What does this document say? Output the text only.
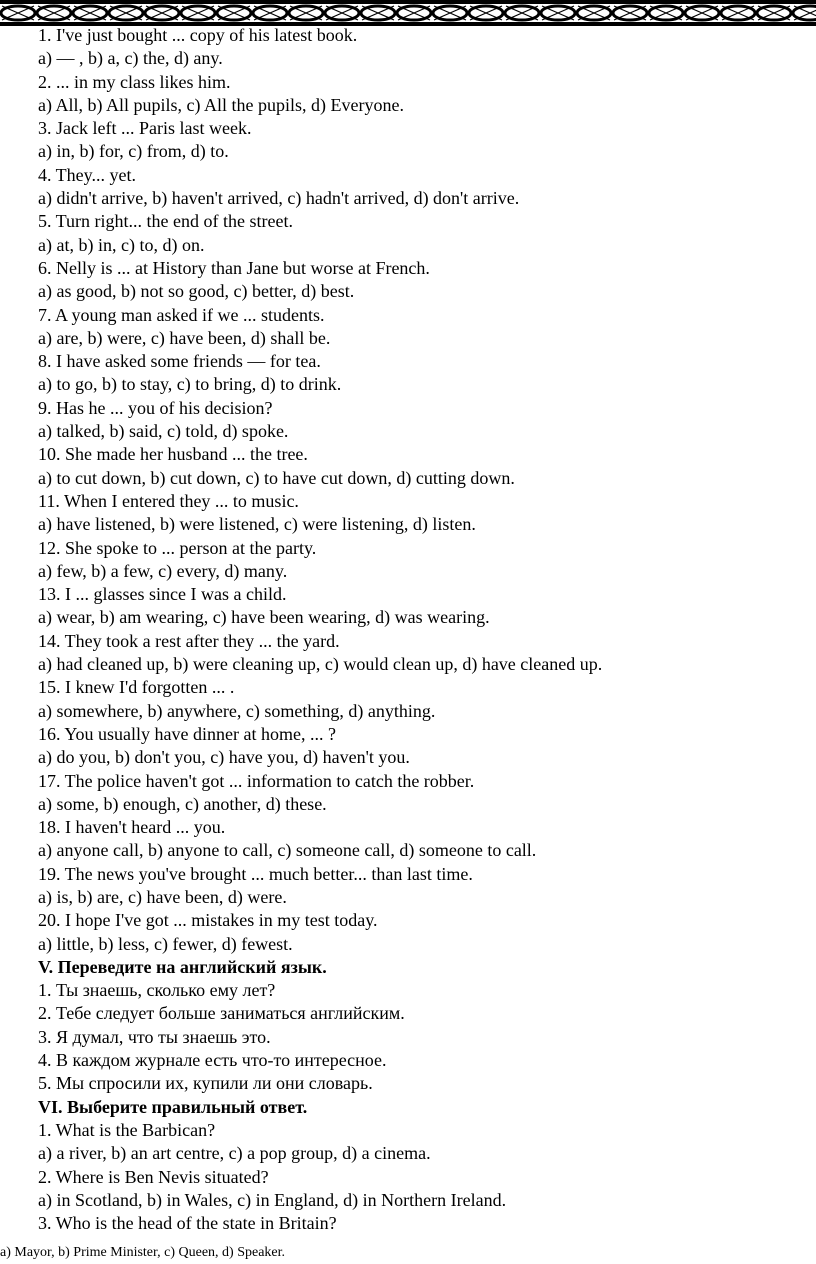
1. I've just bought ... copy of his latest book.
a) — , b) a, c) the, d) any.
2. ... in my class likes him.
a) All, b) All pupils, c) All the pupils, d) Everyone.
3. Jack left ... Paris last week.
a) in, b) for, c) from, d) to.
4. They... yet.
a) didn't arrive, b) haven't arrived, c) hadn't arrived, d) don't arrive.
5. Turn right... the end of the street.
a) at, b) in, c) to, d) on.
6. Nelly is ... at History than Jane but worse at French.
a) as good, b) not so good, c) better, d) best.
7. A young man asked if we ... students.
a) are, b) were, c) have been, d) shall be.
8. I have asked some friends — for tea.
a) to go, b) to stay, c) to bring, d) to drink.
9. Has he ... you of his decision?
a) talked, b) said, c) told, d) spoke.
10. She made her husband ... the tree.
a) to cut down, b) cut down, c) to have cut down, d) cutting down.
11. When I entered they ... to music.
a) have listened, b) were listened, c) were listening, d) listen.
12. She spoke to ... person at the party.
a) few, b) a few, c) every, d) many.
13. I ... glasses since I was a child.
a) wear, b) am wearing, c) have been wearing, d) was wearing.
14. They took a rest after they ... the yard.
a) had cleaned up, b) were cleaning up, c) would clean up, d) have cleaned up.
15. I knew I'd forgotten ... .
a) somewhere, b) anywhere, c) something, d) anything.
16. You usually have dinner at home, ... ?
a) do you, b) don't you, c) have you, d) haven't you.
17. The police haven't got ... information to catch the robber.
a) some, b) enough, c) another, d) these.
18. I haven't heard ... you.
a) anyone call, b) anyone to call, c) someone call, d) someone to call.
19. The news you've brought ... much better... than last time.
a) is, b) are, c) have been, d) were.
20. I hope I've got ... mistakes in my test today.
a) little, b) less, c) fewer, d) fewest.
V. Переведите на английский язык.
1. Ты знаешь, сколько ему лет?
2. Тебе следует больше заниматься английским.
3. Я думал, что ты знаешь это.
4. В каждом журнале есть что-то интересное.
5. Мы спросили их, купили ли они словарь.
VI. Выберите правильный ответ.
1. What is the Barbican?
a) a river, b) an art centre, c) a pop group, d) a cinema.
2. Where is Ben Nevis situated?
a) in Scotland, b) in Wales, c) in England, d) in Northern Ireland.
3. Who is the head of the state in Britain?
a) Mayor, b) Prime Minister, c) Queen, d) Speaker.
